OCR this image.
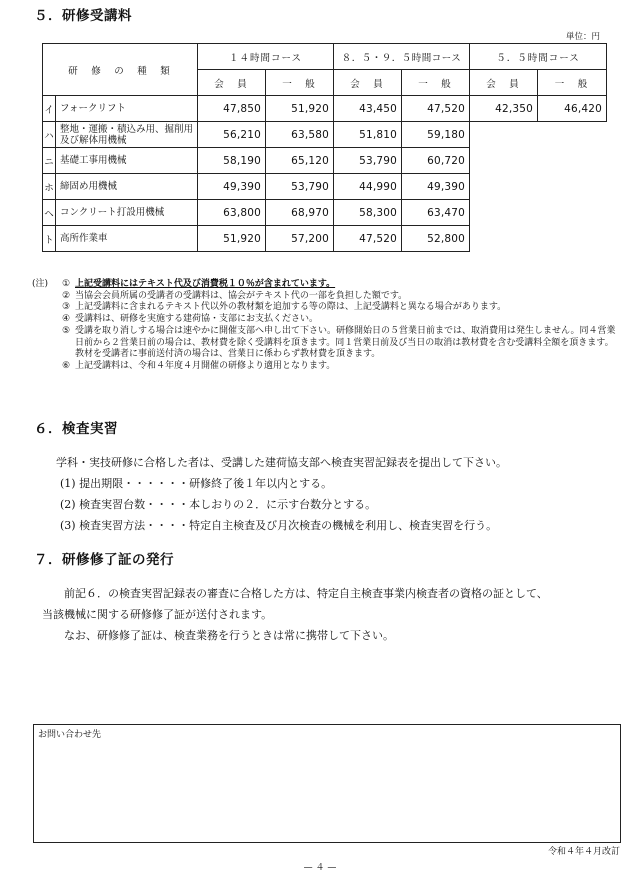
５．研修受講料
単位：円
研　修　の　種　類		１４時間コース		８．５・９．５時間コース		５．５時間コース	
		会　員	一　般	会　員	一　般	会　員	一　般
イ	フォークリフト	47,850	51,920	43,450	47,520	42,350	46,420
ハ	整地・運搬・積込み用、掘削用及び解体用機械	56,210	63,580	51,810	59,180		
ニ	基礎工事用機械	58,190	65,120	53,790	60,720		
ホ	締固め用機械	49,390	53,790	44,990	49,390		
ヘ	コンクリート打設用機械	63,800	68,970	58,300	63,470		
ト	高所作業車	51,920	57,200	47,520	52,800		
(注)	① 上記受講料にはテキスト代及び消費税１０％が含まれています。
② 当協会会員所属の受講者の受講料は、協会がテキスト代の一部を負担した額です。
③ 上記受講料に含まれるテキスト代以外の教材類を追加する等の際は、上記受講料と異なる場合があります。
④ 受講料は、研修を実施する建荷協・支部にお支払ください。
⑤ 受講を取り消しする場合は速やかに開催支部へ申し出て下さい。研修開始日の５営業日前までは、取消費用は発生しません。同４営業日前から２営業日前の場合は、教材費を除く受講料を頂きます。同１営業日前及び当日の取消は教材費を含む受講料全額を頂きます。教材を受講者に事前送付済の場合は、営業日に係わらず教材費を頂きます。
⑥ 上記受講料は、令和４年度４月開催の研修より適用となります。
６．検査実習
学科・実技研修に合格した者は、受講した建荷協支部へ検査実習記録表を提出して下さい。
(1) 提出期限・・・・・・研修終了後１年以内とする。
(2) 検査実習台数・・・・本しおりの２．に示す台数分とする。
(3) 検査実習方法・・・・特定自主検査及び月次検査の機械を利用し、検査実習を行う。
７．研修修了証の発行
前記６．の検査実習記録表の審査に合格した方は、特定自主検査事業内検査者の資格の証として、
当該機械に関する研修修了証が送付されます。
なお、研修修了証は、検査業務を行うときは常に携帯して下さい。
お問い合わせ先
令和４年４月改訂
— ４ —
